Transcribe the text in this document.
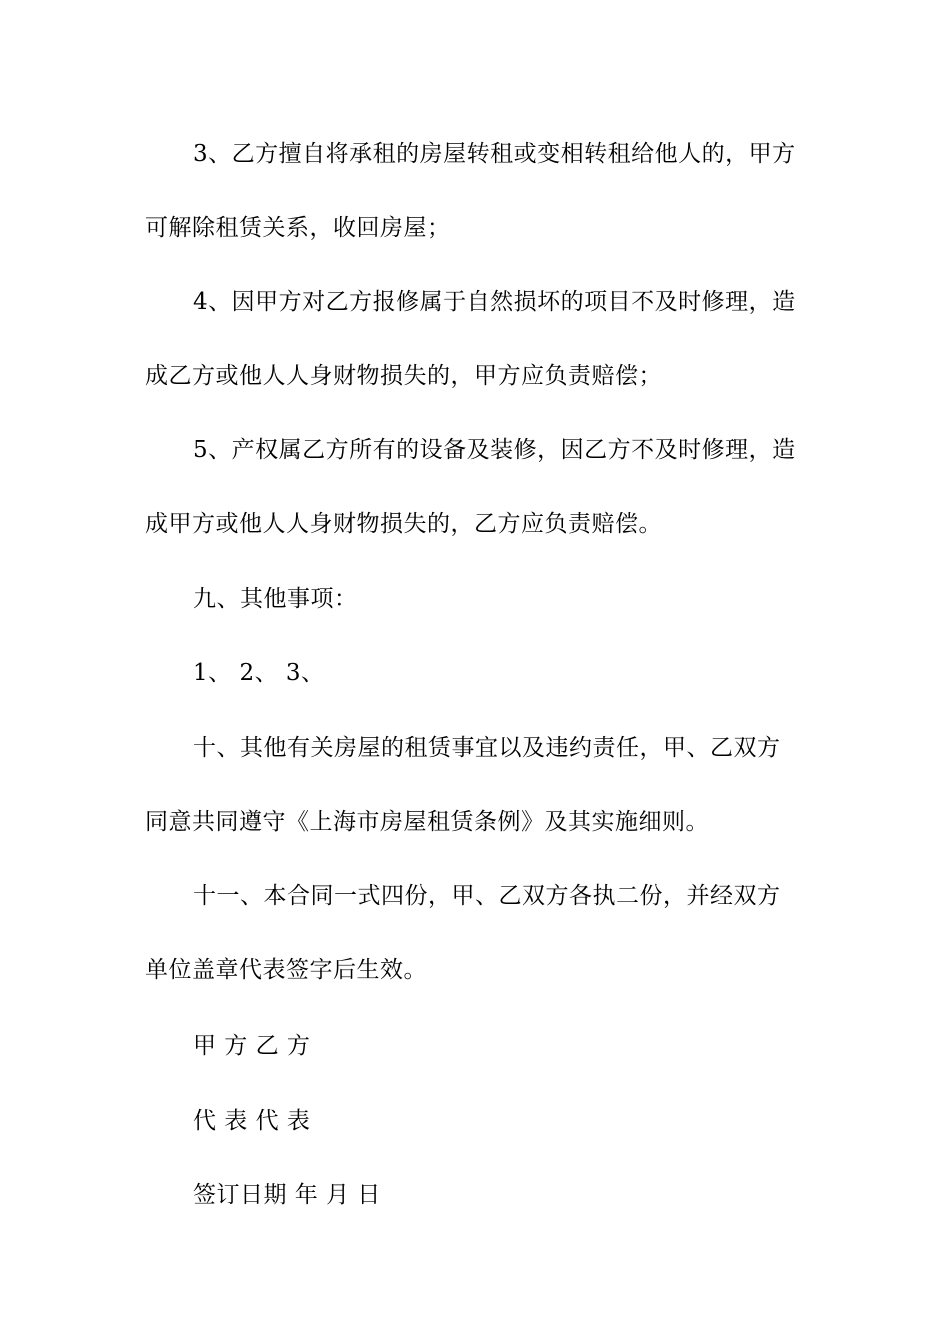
3、乙方擅自将承租的房屋转租或变相转租给他人的，甲方
可解除租赁关系，收回房屋；
4、因甲方对乙方报修属于自然损坏的项目不及时修理，造
成乙方或他人人身财物损失的，甲方应负责赔偿；
5、产权属乙方所有的设备及装修，因乙方不及时修理，造
成甲方或他人人身财物损失的，乙方应负责赔偿。
九、其他事项：
1、 2、 3、
十、其他有关房屋的租赁事宜以及违约责任，甲、乙双方
同意共同遵守《上海市房屋租赁条例》及其实施细则。
十一、本合同一式四份，甲、乙双方各执二份，并经双方
单位盖章代表签字后生效。
甲 方 乙 方
代 表 代 表
签订日期 年 月 日
